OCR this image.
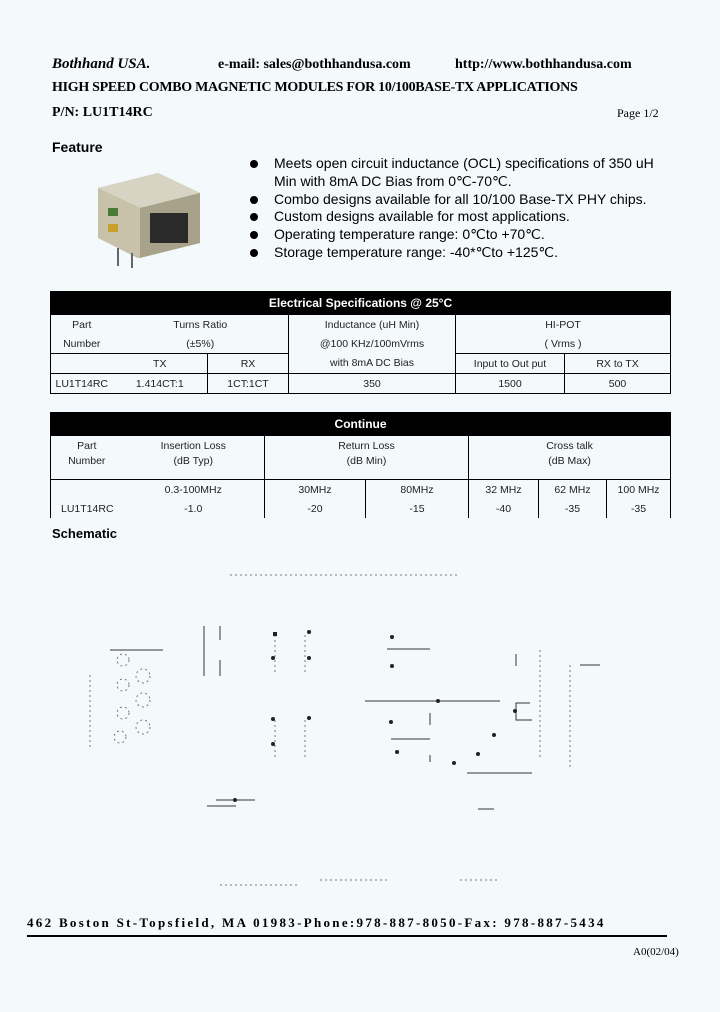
Bothhand USA.	e-mail: sales@bothhandusa.com	http://www.bothhandusa.com
HIGH SPEED COMBO MAGNETIC MODULES FOR 10/100BASE-TX APPLICATIONS
P/N: LU1T14RC	Page 1/2
Feature
Meets open circuit inductance (OCL) specifications of 350 uH
Min with 8mA DC Bias from 0℃-70℃.
Combo designs available for all 10/100 Base-TX PHY chips.
Custom designs available for most applications.
Operating temperature range: 0℃to +70℃.
Storage temperature range: -40*℃to +125℃.
Electrical Specifications @ 25°C					
Part	Turns Ratio		Inductance (uH Min)	HI-POT	
Number	(±5%)		@100 KHz/100mVrms	( Vrms )	
	TX	RX	with 8mA DC Bias	Input to Out put	RX to TX
LU1T14RC	1.414CT:1	1CT:1CT	350	1500	500
Continue						
Part	Insertion Loss	Return Loss		Cross talk		
Number	(dB Typ)	(dB Min)		(dB Max)		
	0.3-100MHz	30MHz	80MHz	32 MHz	62 MHz	100 MHz
LU1T14RC	-1.0	-20	-15	-40	-35	-35
Schematic
462 Boston St-Topsfield, MA 01983-Phone:978-887-8050-Fax: 978-887-5434
A0(02/04)
